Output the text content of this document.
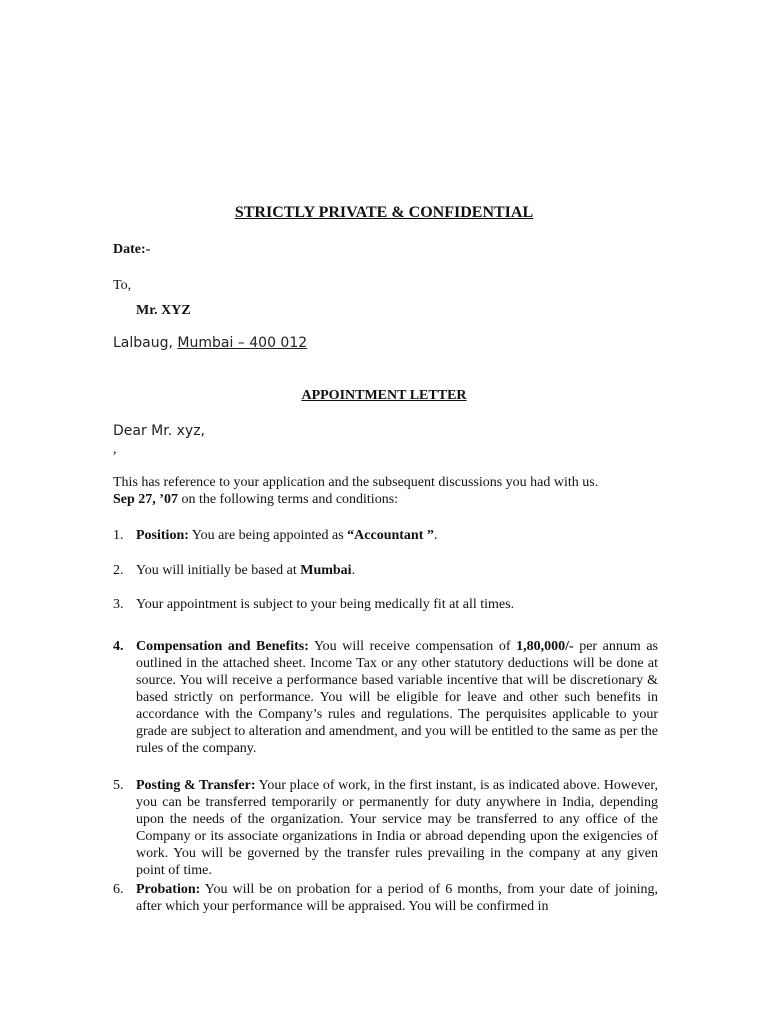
STRICTLY PRIVATE & CONFIDENTIAL
Date:-
To,
Mr. XYZ
Lalbaug, Mumbai – 400 012
APPOINTMENT LETTER
Dear Mr. xyz,
,
This has reference to your application and the subsequent discussions you had with us.
Sep 27, ’07 on the following terms and conditions:
1. Position: You are being appointed as “Accountant ”.
2. You will initially be based at Mumbai.
3. Your appointment is subject to your being medically fit at all times.
4. Compensation and Benefits: You will receive compensation of 1,80,000/- per annum as outlined in the attached sheet. Income Tax or any other statutory deductions will be done at source. You will receive a performance based variable incentive that will be discretionary & based strictly on performance. You will be eligible for leave and other such benefits in accordance with the Company’s rules and regulations. The perquisites applicable to your grade are subject to alteration and amendment, and you will be entitled to the same as per the rules of the company.
5. Posting & Transfer: Your place of work, in the first instant, is as indicated above. However, you can be transferred temporarily or permanently for duty anywhere in India, depending upon the needs of the organization. Your service may be transferred to any office of the Company or its associate organizations in India or abroad depending upon the exigencies of work. You will be governed by the transfer rules prevailing in the company at any given point of time.
6. Probation: You will be on probation for a period of 6 months, from your date of joining, after which your performance will be appraised. You will be confirmed in
